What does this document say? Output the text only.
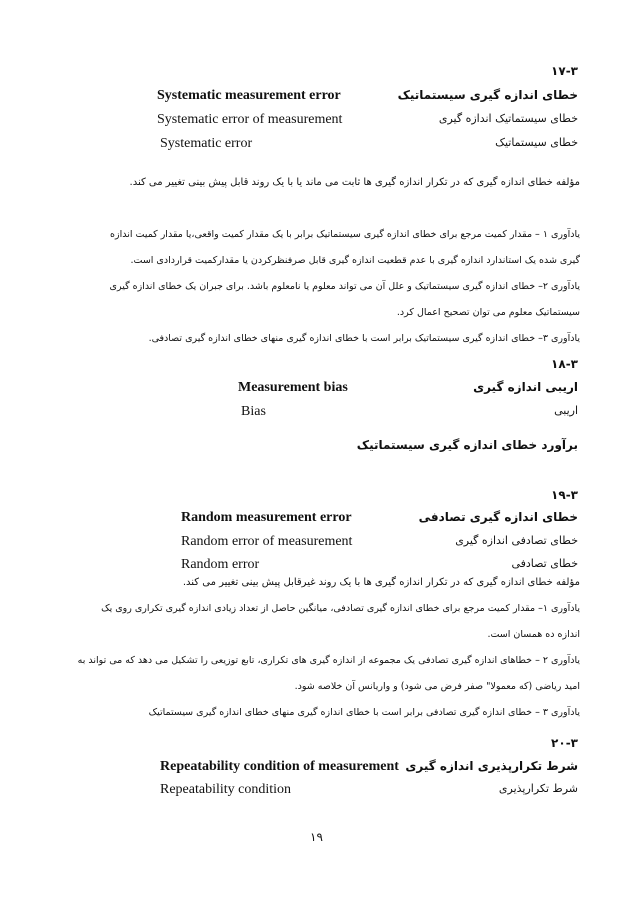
۱۷-۳
خطای اندازه گیری سیستماتیک
Systematic measurement error
خطای سیستماتیک اندازه گیری
Systematic error of measurement
خطای سیستماتیک
Systematic error
مؤلفه خطای اندازه گیری که در تکرار اندازه گیری ها ثابت می ماند یا با یک روند قابل پیش بینی تغییر می کند.
یادآوری ۱ – مقدار کمیت مرجع برای خطای اندازه گیری سیستماتیک برابر با یک مقدار کمیت واقعی،یا مقدار کمیت اندازه
گیری شده یک استاندارد اندازه گیری با عدم قطعیت اندازه گیری قابل صرفنظرکردن یا مقدارکمیت قراردادی است.
یادآوری ۲– خطای اندازه گیری سیستماتیک و علل آن می تواند معلوم یا نامعلوم باشد. برای جبران یک خطای اندازه گیری
سیستماتیک معلوم می توان تصحیح اعمال کرد.
یادآوری ۳– خطای اندازه گیری سیستماتیک برابر است با خطای اندازه گیری منهای خطای اندازه گیری تصادفی.
۱۸-۳
اریبی اندازه گیری
Measurement bias
اریبی
Bias
برآورد خطای اندازه گیری سیستماتیک
۱۹-۳
خطای اندازه گیری تصادفی
Random measurement error
خطای تصادفی اندازه گیری
Random error of measurement
خطای تصادفی
Random error
مؤلفه خطای اندازه گیری که در تکرار اندازه گیری ها با یک روند غیرقابل پیش بینی تغییر می کند.
یادآوری ۱– مقدار کمیت مرجع برای خطای اندازه گیری تصادفی، میانگین حاصل از تعداد زیادی اندازه گیری تکراری روی یک
اندازه ده همسان است.
یادآوری ۲ – خطاهای اندازه گیری تصادفی یک مجموعه از اندازه گیری های تکراری، تابع توزیعی را تشکیل می دهد که می تواند به
امید ریاضی (که معمولا" صفر فرض می شود) و واریانس آن خلاصه شود.
یادآوری ۳ – خطای اندازه گیری تصادفی برابر است با خطای اندازه گیری منهای خطای اندازه گیری سیستماتیک
۲۰-۳
شرط تکرارپذیری اندازه گیری
Repeatability condition of measurement
شرط تکرارپذیری
Repeatability condition
۱۹
